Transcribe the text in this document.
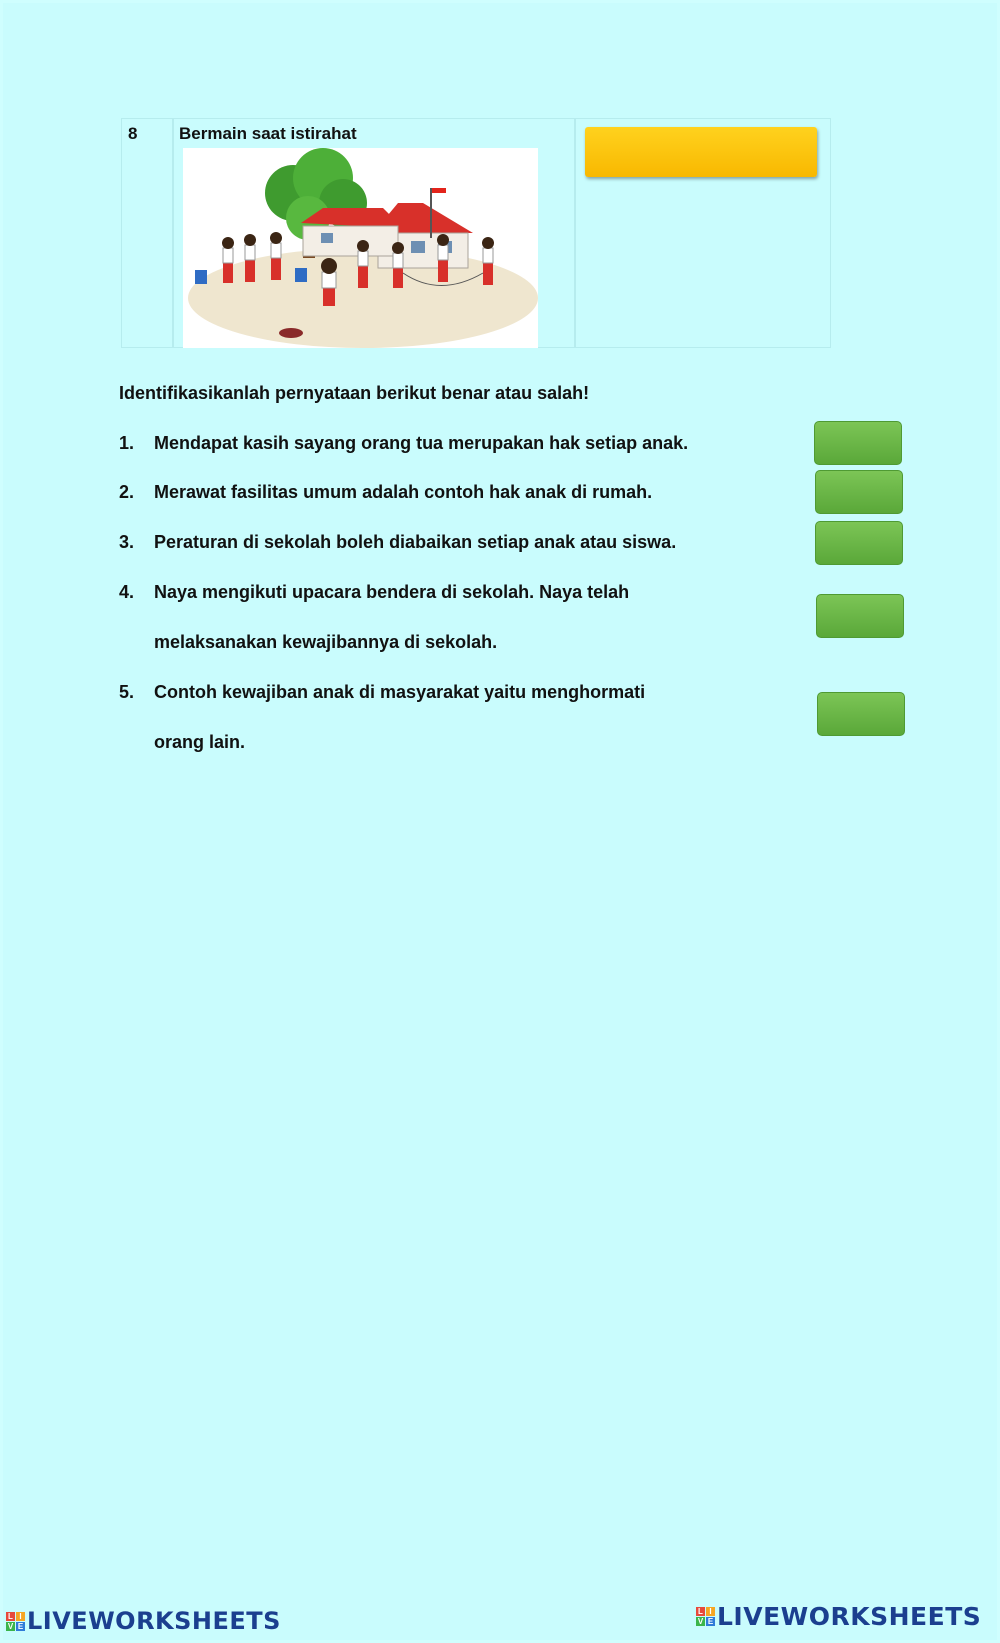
8 Bermain saat istirahat
Identifikasikanlah pernyataan berikut benar atau salah!
1. Mendapat kasih sayang orang tua merupakan hak setiap anak.
2. Merawat fasilitas umum adalah contoh hak anak di rumah.
3. Peraturan di sekolah boleh diabaikan setiap anak atau siswa.
4. Naya mengikuti upacara bendera di sekolah. Naya telah
melaksanakan kewajibannya di sekolah.
5. Contoh kewajiban anak di masyarakat yaitu menghormati
orang lain.
L I
V E LIVEWORKSHEETS	L I
V E LIVEWORKSHEETS
